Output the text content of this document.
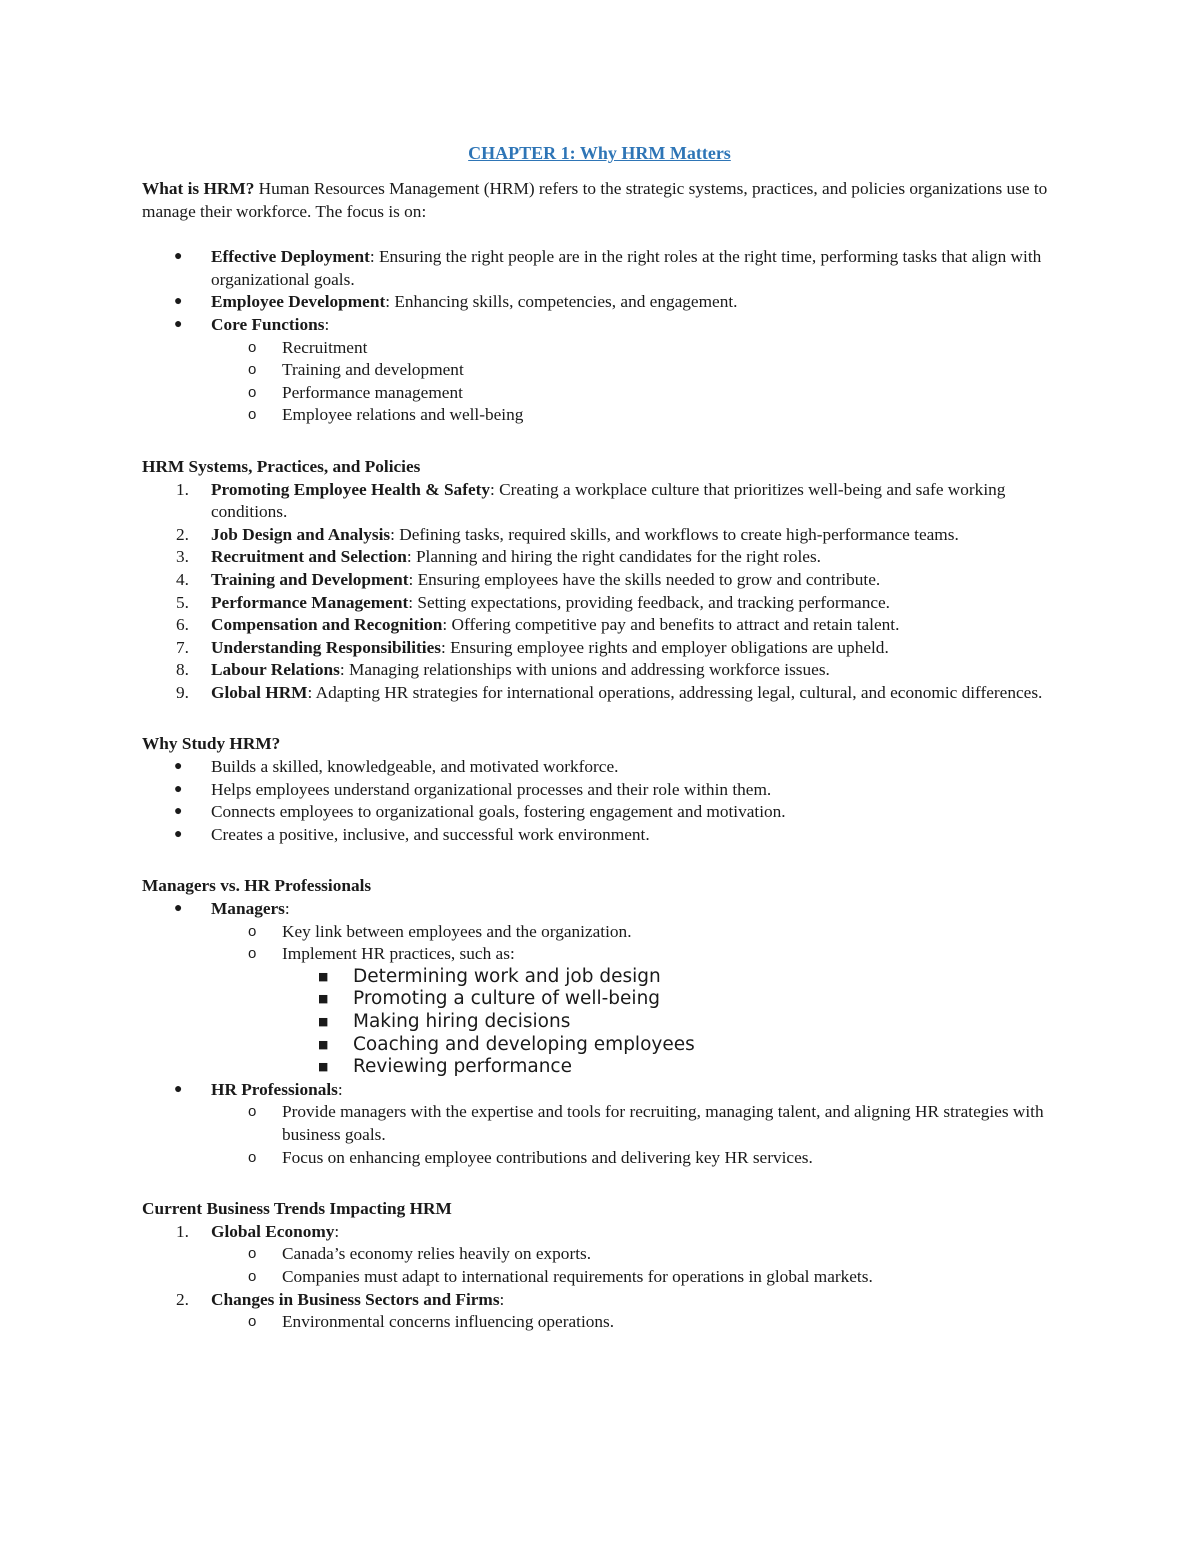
CHAPTER 1: Why HRM Matters

What is HRM? Human Resources Management (HRM) refers to the strategic systems, practices, and policies organizations use to manage their workforce. The focus is on:

● Effective Deployment: Ensuring the right people are in the right roles at the right time, performing tasks that align with organizational goals.
● Employee Development: Enhancing skills, competencies, and engagement.
● Core Functions:
o Recruitment
o Training and development
o Performance management
o Employee relations and well-being

HRM Systems, Practices, and Policies

1. Promoting Employee Health & Safety: Creating a workplace culture that prioritizes well-being and safe working conditions.
2. Job Design and Analysis: Defining tasks, required skills, and workflows to create high-performance teams.
3. Recruitment and Selection: Planning and hiring the right candidates for the right roles.
4. Training and Development: Ensuring employees have the skills needed to grow and contribute.
5. Performance Management: Setting expectations, providing feedback, and tracking performance.
6. Compensation and Recognition: Offering competitive pay and benefits to attract and retain talent.
7. Understanding Responsibilities: Ensuring employee rights and employer obligations are upheld.
8. Labour Relations: Managing relationships with unions and addressing workforce issues.
9. Global HRM: Adapting HR strategies for international operations, addressing legal, cultural, and economic differences.

Why Study HRM?

● Builds a skilled, knowledgeable, and motivated workforce.
● Helps employees understand organizational processes and their role within them.
● Connects employees to organizational goals, fostering engagement and motivation.
● Creates a positive, inclusive, and successful work environment.

Managers vs. HR Professionals

● Managers:
o Key link between employees and the organization.
o Implement HR practices, such as:
■ Determining work and job design
■ Promoting a culture of well-being
■ Making hiring decisions
■ Coaching and developing employees
■ Reviewing performance
● HR Professionals:
o Provide managers with the expertise and tools for recruiting, managing talent, and aligning HR strategies with business goals.
o Focus on enhancing employee contributions and delivering key HR services.

Current Business Trends Impacting HRM

1. Global Economy:
o Canada’s economy relies heavily on exports.
o Companies must adapt to international requirements for operations in global markets.
2. Changes in Business Sectors and Firms:
o Environmental concerns influencing operations.
